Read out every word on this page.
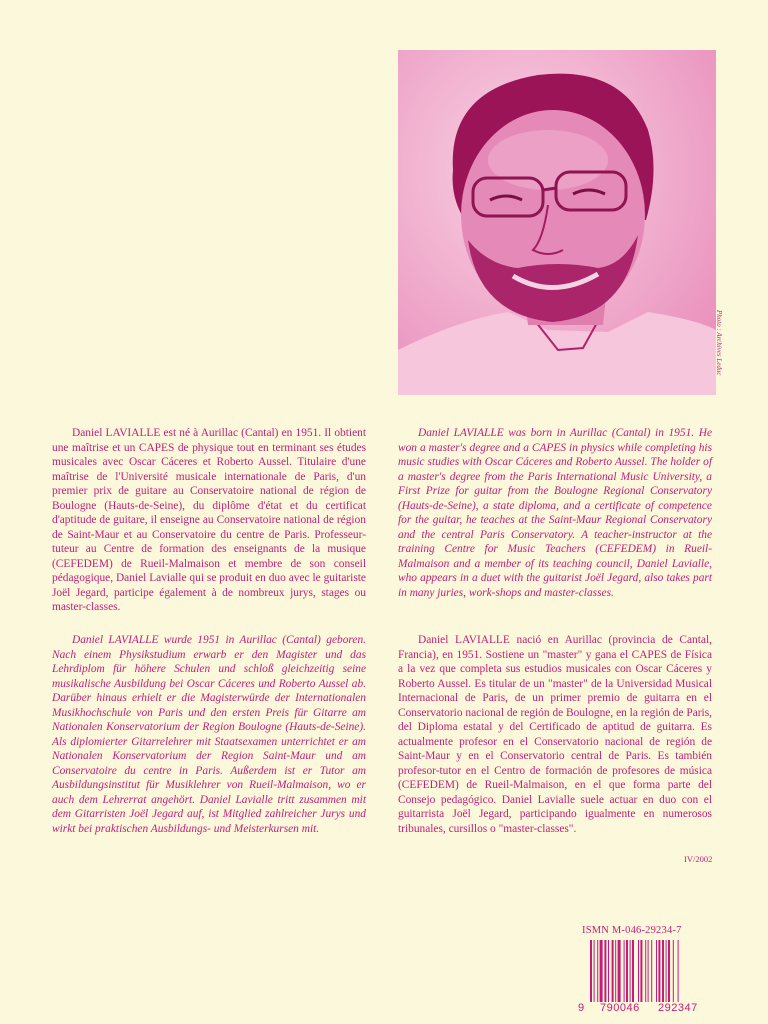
Photo : Archives Leduc

Daniel LAVIALLE est né à Aurillac (Cantal) en 1951. Il obtient une maîtrise et un CAPES de physique tout en terminant ses études musicales avec Oscar Cáceres et Roberto Aussel. Titulaire d'une maîtrise de l'Université musicale internationale de Paris, d'un premier prix de guitare au Conservatoire national de région de Boulogne (Hauts-de-Seine), du diplôme d'état et du certificat d'aptitude de guitare, il enseigne au Conservatoire national de région de Saint-Maur et au Conservatoire du centre de Paris. Professeur-tuteur au Centre de formation des enseignants de la musique (CEFEDEM) de Rueil-Malmaison et membre de son conseil pédagogique, Daniel Lavialle qui se produit en duo avec le guitariste Joël Jegard, participe également à de nombreux jurys, stages ou master-classes.

Daniel LAVIALLE was born in Aurillac (Cantal) in 1951. He won a master's degree and a CAPES in physics while completing his music studies with Oscar Cáceres and Roberto Aussel. The holder of a master's degree from the Paris International Music University, a First Prize for guitar from the Boulogne Regional Conservatory (Hauts-de-Seine), a state diploma, and a certificate of competence for the guitar, he teaches at the Saint-Maur Regional Conservatory and the central Paris Conservatory. A teacher-instructor at the training Centre for Music Teachers (CEFEDEM) in Rueil-Malmaison and a member of its teaching council, Daniel Lavialle, who appears in a duet with the guitarist Joël Jegard, also takes part in many juries, work-shops and master-classes.

Daniel LAVIALLE wurde 1951 in Aurillac (Cantal) geboren. Nach einem Physikstudium erwarb er den Magister und das Lehrdiplom für höhere Schulen und schloß gleichzeitig seine musikalische Ausbildung bei Oscar Cáceres und Roberto Aussel ab. Darüber hinaus erhielt er die Magisterwürde der Internationalen Musikhochschule von Paris und den ersten Preis für Gitarre am Nationalen Konservatorium der Region Boulogne (Hauts-de-Seine). Als diplomierter Gitarrelehrer mit Staatsexamen unterrichtet er am Nationalen Konservatorium der Region Saint-Maur und am Conservatoire du centre in Paris. Außerdem ist er Tutor am Ausbildungsinstitut für Musiklehrer von Rueil-Malmaison, wo er auch dem Lehrerrat angehört. Daniel Lavialle tritt zusammen mit dem Gitarristen Joël Jegard auf, ist Mitglied zahlreicher Jurys und wirkt bei praktischen Ausbildungs- und Meisterkursen mit.

Daniel LAVIALLE nació en Aurillac (provincia de Cantal, Francia), en 1951. Sostiene un "master" y gana el CAPES de Física a la vez que completa sus estudios musicales con Oscar Cáceres y Roberto Aussel. Es titular de un "master" de la Universidad Musical Internacional de Paris, de un primer premio de guitarra en el Conservatorio nacional de región de Boulogne, en la región de Paris, del Diploma estatal y del Certificado de aptitud de guitarra. Es actualmente profesor en el Conservatorio nacional de región de Saint-Maur y en el Conservatorio central de Paris. Es también profesor-tutor en el Centro de formación de profesores de música (CEFEDEM) de Rueil-Malmaison, en el que forma parte del Consejo pedagógico. Daniel Lavialle suele actuar en duo con el guitarrista Joël Jegard, participando igualmente en numerosos tribunales, cursillos o "master-classes".

IV/2002
ISMN M-046-29234-7
9 790046 292347
